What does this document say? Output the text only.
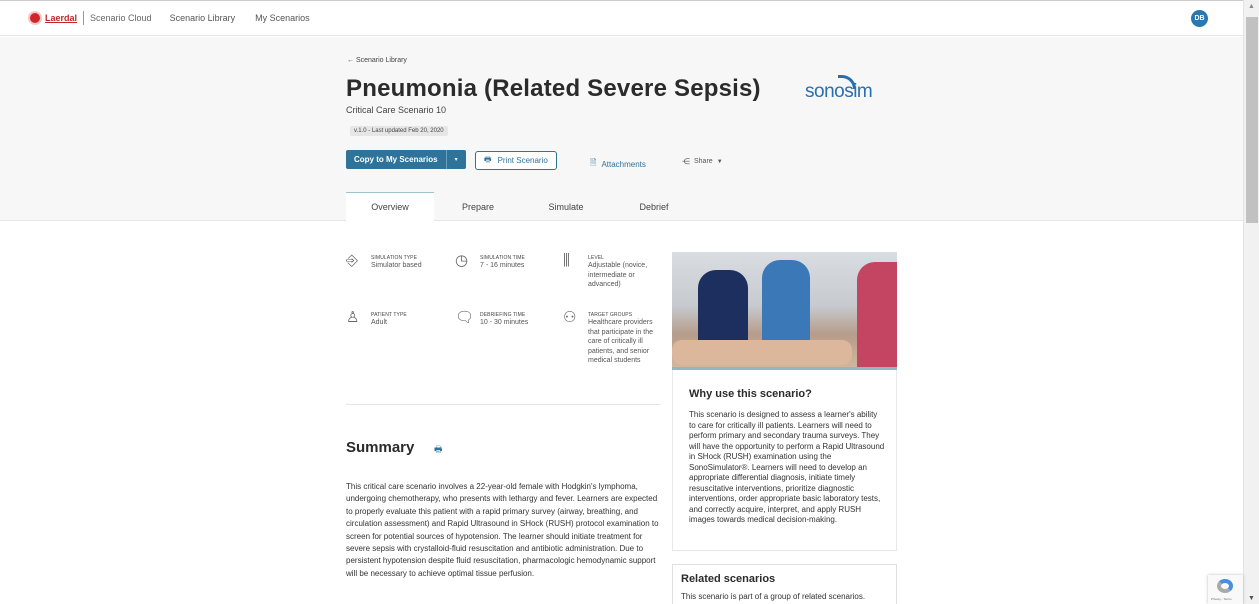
Laerdal Scenario Cloud Scenario Library My Scenarios	DB
← Scenario Library
Pneumonia (Related Severe Sepsis)
Critical Care Scenario 10
v.1.0 - Last updated Feb 20, 2020
sonosim
Copy to My Scenarios	▾	🖶 Print Scenario	🗎 Attachments	⋲ Share ▼
Overview	Prepare	Simulate	Debrief
⎆	SIMULATION TYPE
Simulator based	◷	SIMULATION TIME
7 - 16 minutes	⫼	LEVEL
Adjustable (novice, intermediate or advanced)
♙	PATIENT TYPE
Adult	🗨	DEBRIEFING TIME
10 - 30 minutes	⚇	TARGET GROUPS
Healthcare providers that participate in the care of critically ill patients, and senior medical students
Summary 🖶

This critical care scenario involves a 22-year-old female with Hodgkin's lymphoma, undergoing chemotherapy, who presents with lethargy and fever. Learners are expected to properly evaluate this patient with a rapid primary survey (airway, breathing, and circulation assessment) and Rapid Ultrasound in SHock (RUSH) protocol examination to screen for potential sources of hypotension. The learner should initiate treatment for severe sepsis with crystalloid-fluid resuscitation and antibiotic administration. Due to persistent hypotension despite fluid resuscitation, pharmacologic hemodynamic support will be necessary to achieve optimal tissue perfusion.

Why use this scenario?

This scenario is designed to assess a learner's ability to care for critically ill patients. Learners will need to perform primary and secondary trauma surveys. They will have the opportunity to perform a Rapid Ultrasound in SHock (RUSH) examination using the SonoSimulator®. Learners will need to develop an appropriate differential diagnosis, initiate timely resuscitative interventions, prioritize diagnostic interventions, order appropriate basic laboratory tests, and correctly acquire, interpret, and apply RUSH images towards medical decision-making.

Related scenarios

This scenario is part of a group of related scenarios.

▲
▼
Privacy - Terms
